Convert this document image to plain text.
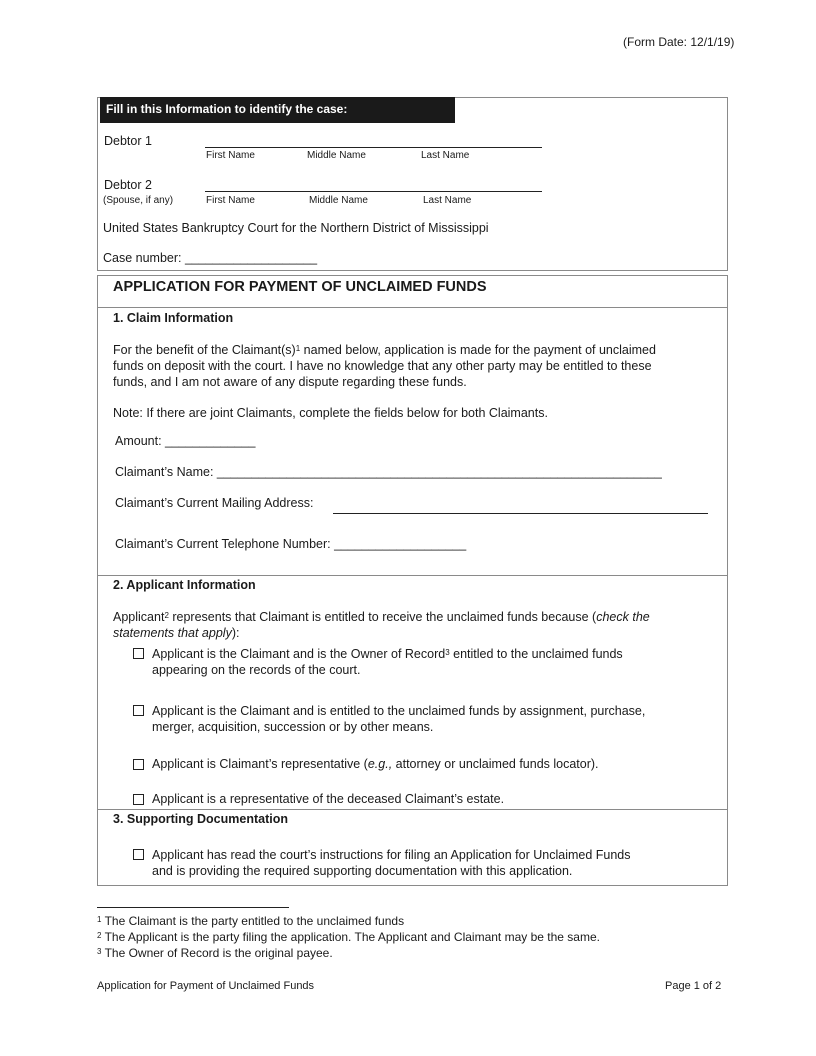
(Form Date: 12/1/19)
Fill in this Information to identify the case:
Debtor 1
First Name	Middle Name	Last Name
Debtor 2
(Spouse, if any)	First Name	Middle Name	Last Name
United States Bankruptcy Court for the Northern District of Mississippi
Case number: ___________________
APPLICATION FOR PAYMENT OF UNCLAIMED FUNDS
1. Claim Information
For the benefit of the $Claimant(s)^1$ named below, application is made for the payment of unclaimed
funds on deposit with the court. I have no knowledge that any other party may be entitled to these
funds, and I am not aware of any dispute regarding these funds.
Note: If there are joint Claimants, complete the fields below for both Claimants.
Amount: _____________
Claimant’s Name: ________________________________________________________________
Claimant’s Current Mailing Address:
Claimant’s Current Telephone Number: ___________________
2. Applicant Information
Applicant$^2$ represents that Claimant is entitled to receive the unclaimed funds because (check the
statements that apply):
Applicant is the Claimant and is the Owner of Record$^3$ entitled to the unclaimed funds
appearing on the records of the court.
Applicant is the Claimant and is entitled to the unclaimed funds by assignment, purchase,
merger, acquisition, succession or by other means.
Applicant is Claimant’s representative (e.g., attorney or unclaimed funds locator).
Applicant is a representative of the deceased Claimant’s estate.
3. Supporting Documentation
Applicant has read the court’s instructions for filing an Application for Unclaimed Funds
and is providing the required supporting documentation with this application.
$^1$ The Claimant is the party entitled to the unclaimed funds
$^2$ The Applicant is the party filing the application. The Applicant and Claimant may be the same.
$^3$ The Owner of Record is the original payee.
Application for Payment of Unclaimed Funds	Page 1 of 2
